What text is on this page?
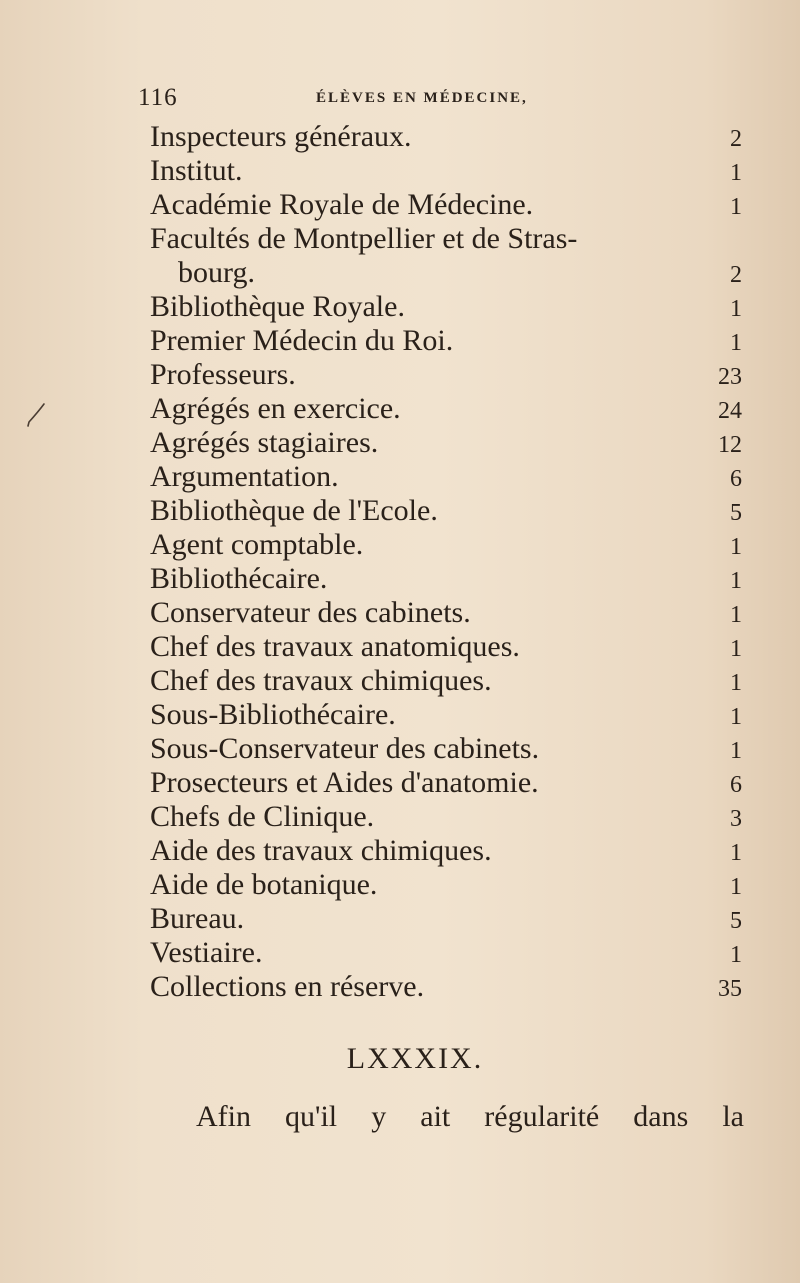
116	ÉLÈVES EN MÉDECINE,
Inspecteurs généraux.	2
Institut.	1
Académie Royale de Médecine.	1
Facultés de Montpellier et de Stras-
bourg.	2
Bibliothèque Royale.	1
Premier Médecin du Roi.	1
Professeurs.	23
Agrégés en exercice.	24
Agrégés stagiaires.	12
Argumentation.	6
Bibliothèque de l'Ecole.	5
Agent comptable.	1
Bibliothécaire.	1
Conservateur des cabinets.	1
Chef des travaux anatomiques.	1
Chef des travaux chimiques.	1
Sous-Bibliothécaire.	1
Sous-Conservateur des cabinets.	1
Prosecteurs et Aides d'anatomie.	6
Chefs de Clinique.	3
Aide des travaux chimiques.	1
Aide de botanique.	1
Bureau.	5
Vestiaire.	1
Collections en réserve.	35
LXXXIX.
Afin qu'il y ait régularité dans la
